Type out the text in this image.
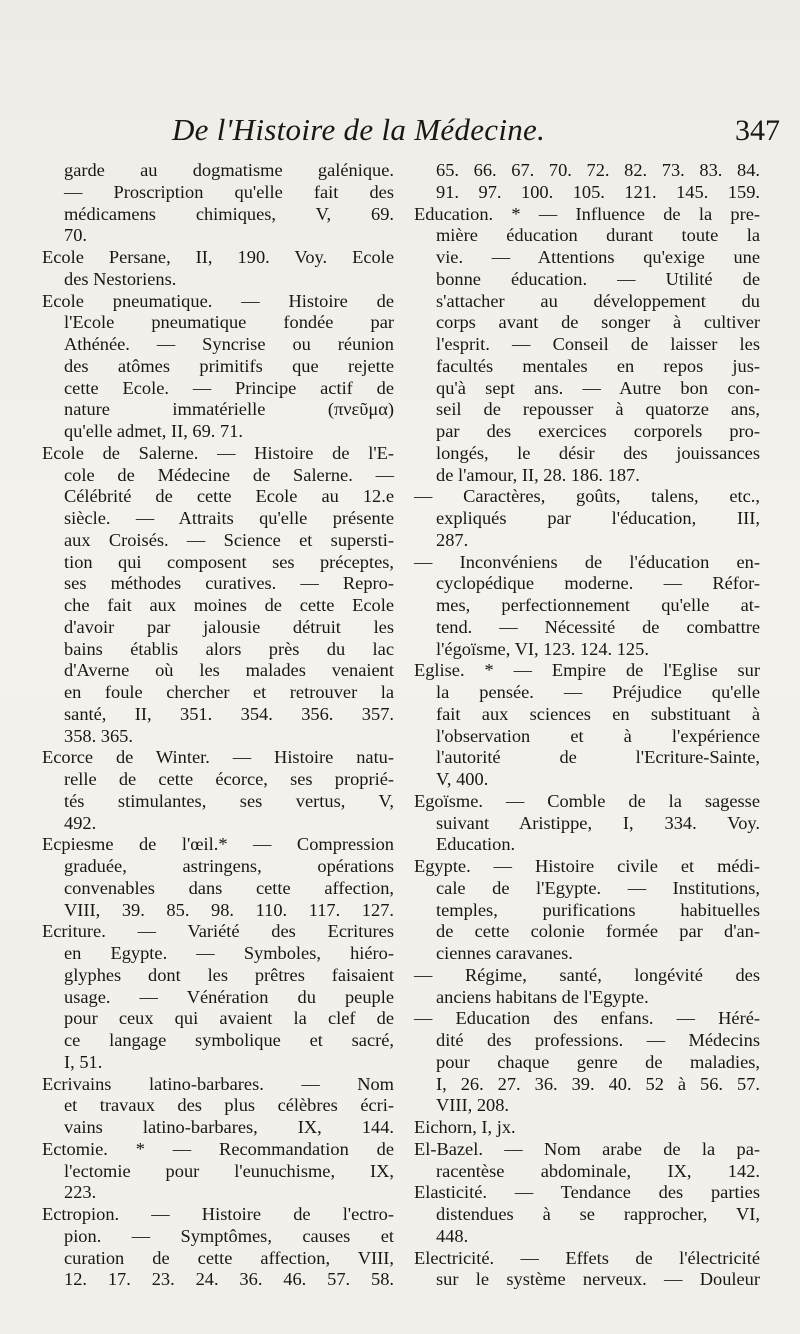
De l'Histoire de la Médecine.	347
garde au dogmatisme galénique.
— Proscription qu'elle fait des
médicamens chimiques, V, 69.
70.
Ecole Persane, II, 190. Voy. Ecole
des Nestoriens.
Ecole pneumatique. — Histoire de
l'Ecole pneumatique fondée par
Athénée. — Syncrise ou réunion
des atômes primitifs que rejette
cette Ecole. — Principe actif de
nature immatérielle (πνεῦμα)
qu'elle admet, II, 69. 71.
Ecole de Salerne. — Histoire de l'E-
cole de Médecine de Salerne. —
Célébrité de cette Ecole au 12.e
siècle. — Attraits qu'elle présente
aux Croisés. — Science et supersti-
tion qui composent ses préceptes,
ses méthodes curatives. — Repro-
che fait aux moines de cette Ecole
d'avoir par jalousie détruit les
bains établis alors près du lac
d'Averne où les malades venaient
en foule chercher et retrouver la
santé, II, 351. 354. 356. 357.
358. 365.
Ecorce de Winter. — Histoire natu-
relle de cette écorce, ses proprié-
tés stimulantes, ses vertus, V,
492.
Ecpiesme de l'œil.* — Compression
graduée, astringens, opérations
convenables dans cette affection,
VIII, 39. 85. 98. 110. 117. 127.
Ecriture. — Variété des Ecritures
en Egypte. — Symboles, hiéro-
glyphes dont les prêtres faisaient
usage. — Vénération du peuple
pour ceux qui avaient la clef de
ce langage symbolique et sacré,
I, 51.
Ecrivains latino-barbares. — Nom
et travaux des plus célèbres écri-
vains latino-barbares, IX, 144.
Ectomie. * — Recommandation de
l'ectomie pour l'eunuchisme, IX,
223.
Ectropion. — Histoire de l'ectro-
pion. — Symptômes, causes et
curation de cette affection, VIII,
12. 17. 23. 24. 36. 46. 57. 58.
65. 66. 67. 70. 72. 82. 73. 83. 84.
91. 97. 100. 105. 121. 145. 159.
Education. * — Influence de la pre-
mière éducation durant toute la
vie. — Attentions qu'exige une
bonne éducation. — Utilité de
s'attacher au développement du
corps avant de songer à cultiver
l'esprit. — Conseil de laisser les
facultés mentales en repos jus-
qu'à sept ans. — Autre bon con-
seil de repousser à quatorze ans,
par des exercices corporels pro-
longés, le désir des jouissances
de l'amour, II, 28. 186. 187.
— Caractères, goûts, talens, etc.,
expliqués par l'éducation, III,
287.
— Inconvéniens de l'éducation en-
cyclopédique moderne. — Réfor-
mes, perfectionnement qu'elle at-
tend. — Nécessité de combattre
l'égoïsme, VI, 123. 124. 125.
Eglise. * — Empire de l'Eglise sur
la pensée. — Préjudice qu'elle
fait aux sciences en substituant à
l'observation et à l'expérience
l'autorité de l'Ecriture-Sainte,
V, 400.
Egoïsme. — Comble de la sagesse
suivant Aristippe, I, 334. Voy.
Education.
Egypte. — Histoire civile et médi-
cale de l'Egypte. — Institutions,
temples, purifications habituelles
de cette colonie formée par d'an-
ciennes caravanes.
— Régime, santé, longévité des
anciens habitans de l'Egypte.
— Education des enfans. — Héré-
dité des professions. — Médecins
pour chaque genre de maladies,
I, 26. 27. 36. 39. 40. 52 à 56. 57.
VIII, 208.
Eichorn, I, jx.
El-Bazel. — Nom arabe de la pa-
racentèse abdominale, IX, 142.
Elasticité. — Tendance des parties
distendues à se rapprocher, VI,
448.
Electricité. — Effets de l'électricité
sur le système nerveux. — Douleur
